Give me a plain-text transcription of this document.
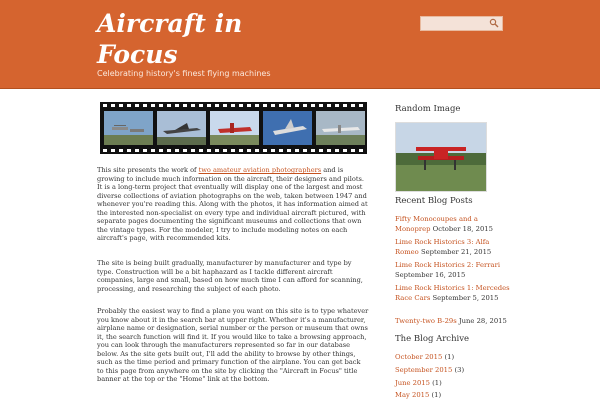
Aircraft in Focus
Celebrating history's finest flying machines

This site presents the work of two amateur aviation photographers and is growing to include much information on the aircraft, their designers and pilots. It is a long-term project that eventually will display one of the largest and most diverse collections of aviation photographs on the web, taken between 1947 and whenever you're reading this. Along with the photos, it has information aimed at the interested non-specialist on every type and individual aircraft pictured, with separate pages documenting the significant museums and collections that own the vintage types. For the modeler, I try to include modeling notes on each aircraft's page, with recommended kits.

The site is being built gradually, manufacturer by manufacturer and type by type. Construction will be a bit haphazard as I tackle different aircraft companies, large and small, based on how much time I can afford for scanning, processing, and researching the subject of each photo.

Probably the easiest way to find a plane you want on this site is to type whatever you know about it in the search bar at upper right. Whether it's a manufacturer, airplane name or designation, serial number or the person or museum that owns it, the search function will find it. If you would like to take a browsing approach, you can look through the manufacturers represented so far in our database below. As the site gets built out, I'll add the ability to browse by other things, such as the time period and primary function of the airplane. You can get back to this page from anywhere on the site by clicking the "Aircraft in Focus" title banner at the top or the "Home" link at the bottom.

Random Image
Recent Blog Posts
Fifty Monocoupes and a Monoprep October 18, 2015
Lime Rock Historics 3: Alfa Romeo September 21, 2015
Lime Rock Historics 2: Ferrari September 16, 2015
Lime Rock Historics 1: Mercedes Race Cars September 5, 2015
Twenty-two B-29s June 28, 2015
The Blog Archive
October 2015 (1)
September 2015 (3)
June 2015 (1)
May 2015 (1)
